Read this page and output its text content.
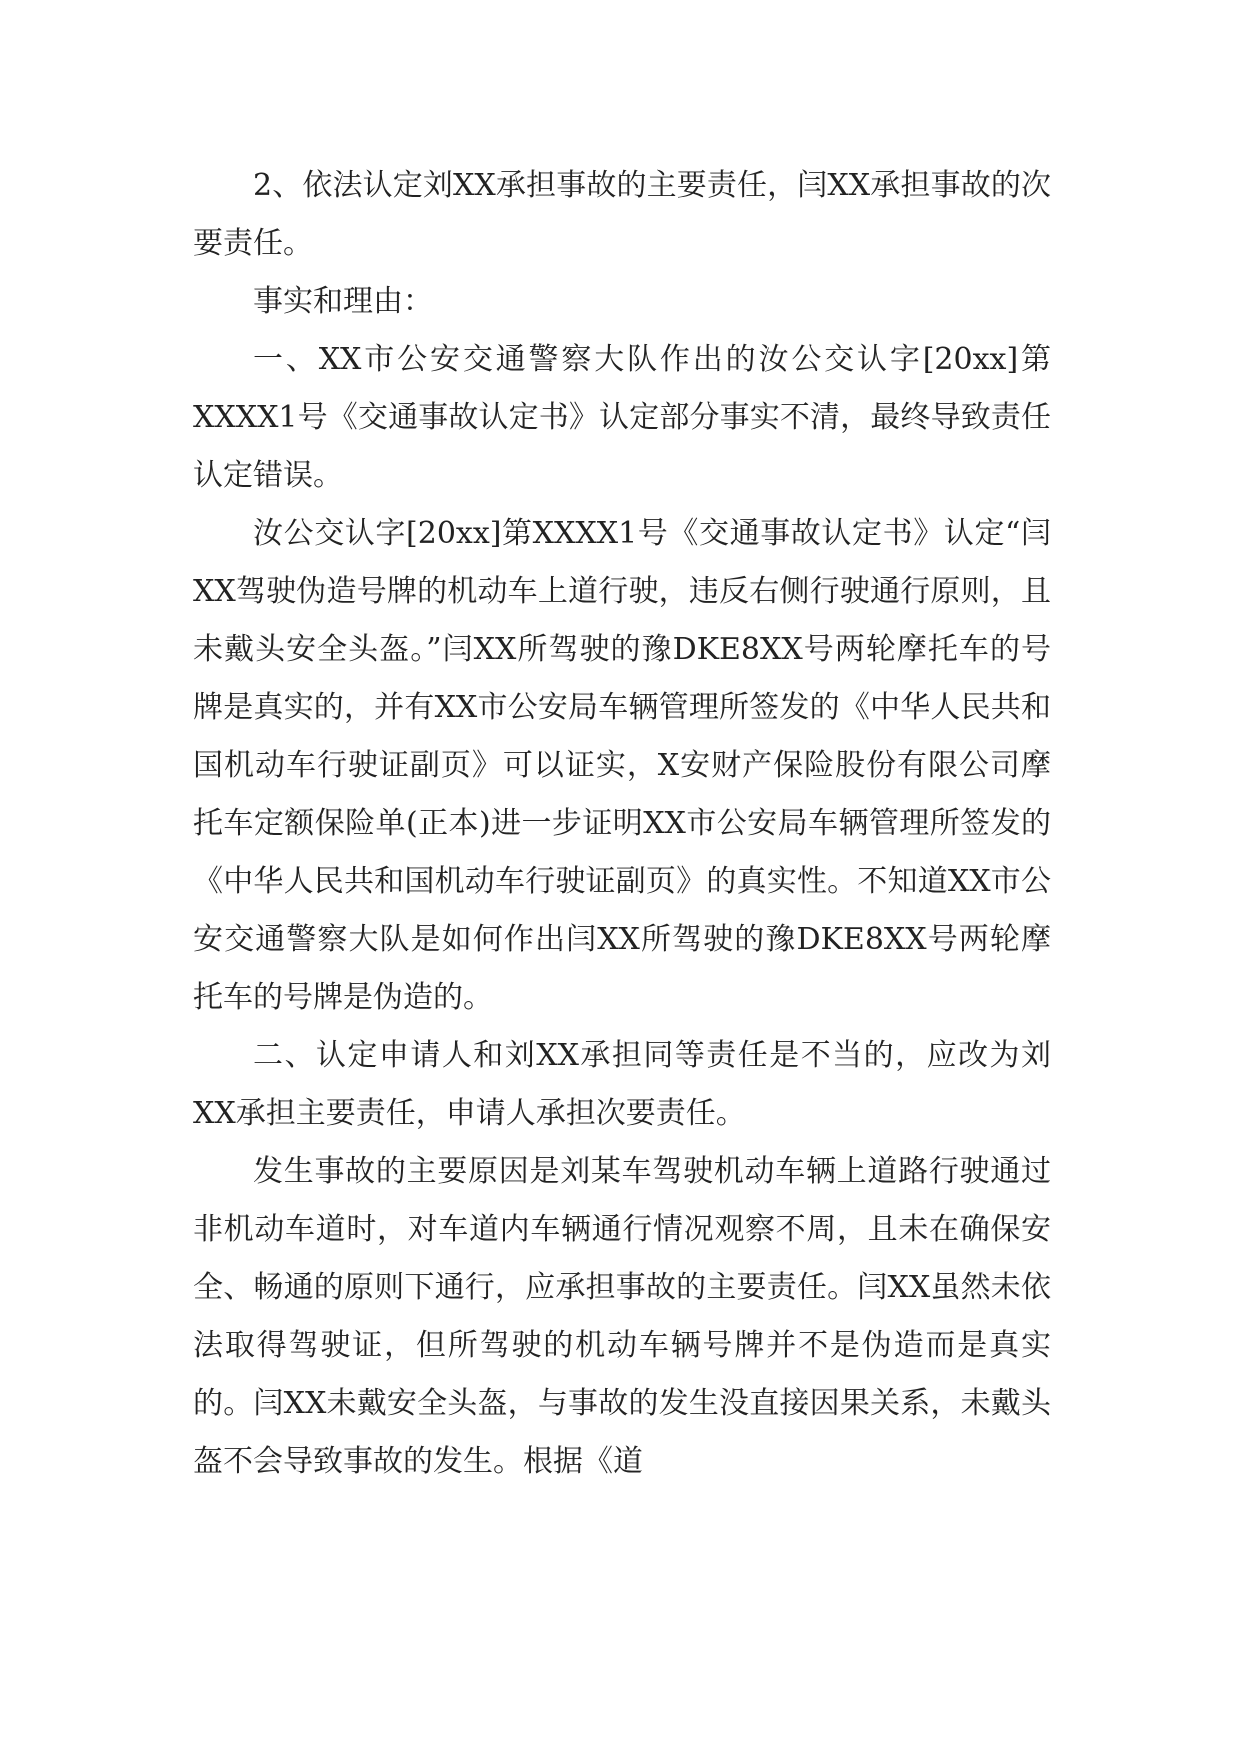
2、依法认定刘XX承担事故的主要责任，闫XX承担事故的次要责任。

事实和理由：

一、XX市公安交通警察大队作出的汝公交认字[20xx]第XXXX1号《交通事故认定书》认定部分事实不清，最终导致责任认定错误。

汝公交认字[20xx]第XXXX1号《交通事故认定书》认定“闫XX驾驶伪造号牌的机动车上道行驶，违反右侧行驶通行原则，且未戴头安全头盔。”闫XX所驾驶的豫DKE8XX号两轮摩托车的号牌是真实的，并有XX市公安局车辆管理所签发的《中华人民共和国机动车行驶证副页》可以证实，X安财产保险股份有限公司摩托车定额保险单(正本)进一步证明XX市公安局车辆管理所签发的《中华人民共和国机动车行驶证副页》的真实性。不知道XX市公安交通警察大队是如何作出闫XX所驾驶的豫DKE8XX号两轮摩托车的号牌是伪造的。

二、认定申请人和刘XX承担同等责任是不当的，应改为刘XX承担主要责任，申请人承担次要责任。

发生事故的主要原因是刘某车驾驶机动车辆上道路行驶通过非机动车道时，对车道内车辆通行情况观察不周，且未在确保安全、畅通的原则下通行，应承担事故的主要责任。闫XX虽然未依法取得驾驶证，但所驾驶的机动车辆号牌并不是伪造而是真实的。闫XX未戴安全头盔，与事故的发生没直接因果关系，未戴头盔不会导致事故的发生。根据《道
